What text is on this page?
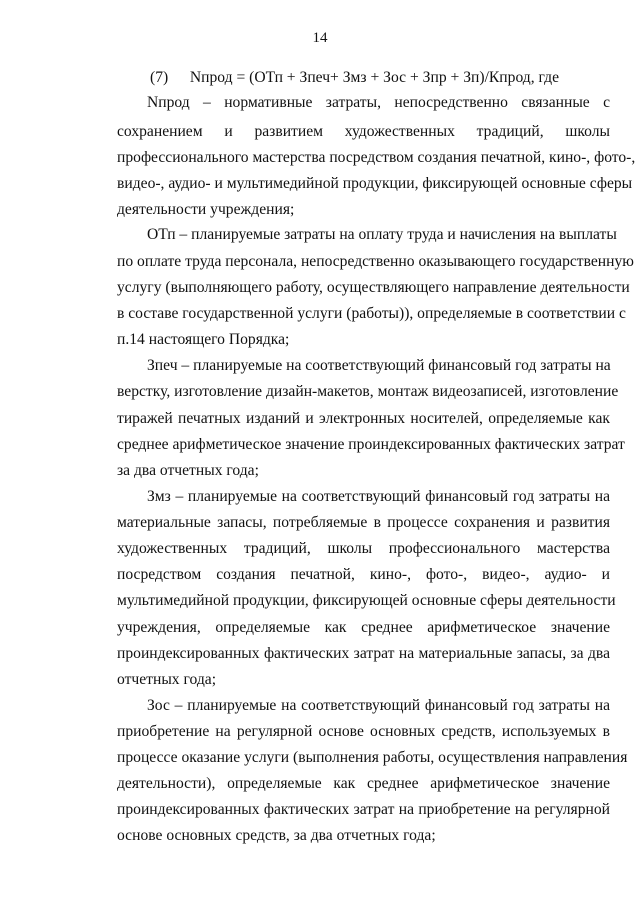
14
(7) Nпрод = (ОТп + Зпеч+ Змз + Зос + Зпр + Зп)/Кпрод, где
Nпрод – нормативные затраты, непосредственно связанные с
сохранением и развитием художественных традиций, школы
профессионального мастерства посредством создания печатной, кино-, фото-,
видео-, аудио- и мультимедийной продукции, фиксирующей основные сферы
деятельности учреждения;
ОТп – планируемые затраты на оплату труда и начисления на выплаты
по оплате труда персонала, непосредственно оказывающего государственную
услугу (выполняющего работу, осуществляющего направление деятельности
в составе государственной услуги (работы)), определяемые в соответствии с
п.14 настоящего Порядка;
Зпеч – планируемые на соответствующий финансовый год затраты на
верстку, изготовление дизайн-макетов, монтаж видеозаписей, изготовление
тиражей печатных изданий и электронных носителей, определяемые как
среднее арифметическое значение проиндексированных фактических затрат
за два отчетных года;
Змз – планируемые на соответствующий финансовый год затраты на
материальные запасы, потребляемые в процессе сохранения и развития
художественных традиций, школы профессионального мастерства
посредством создания печатной, кино-, фото-, видео-, аудио- и
мультимедийной продукции, фиксирующей основные сферы деятельности
учреждения, определяемые как среднее арифметическое значение
проиндексированных фактических затрат на материальные запасы, за два
отчетных года;
Зос – планируемые на соответствующий финансовый год затраты на
приобретение на регулярной основе основных средств, используемых в
процессе оказание услуги (выполнения работы, осуществления направления
деятельности), определяемые как среднее арифметическое значение
проиндексированных фактических затрат на приобретение на регулярной
основе основных средств, за два отчетных года;
